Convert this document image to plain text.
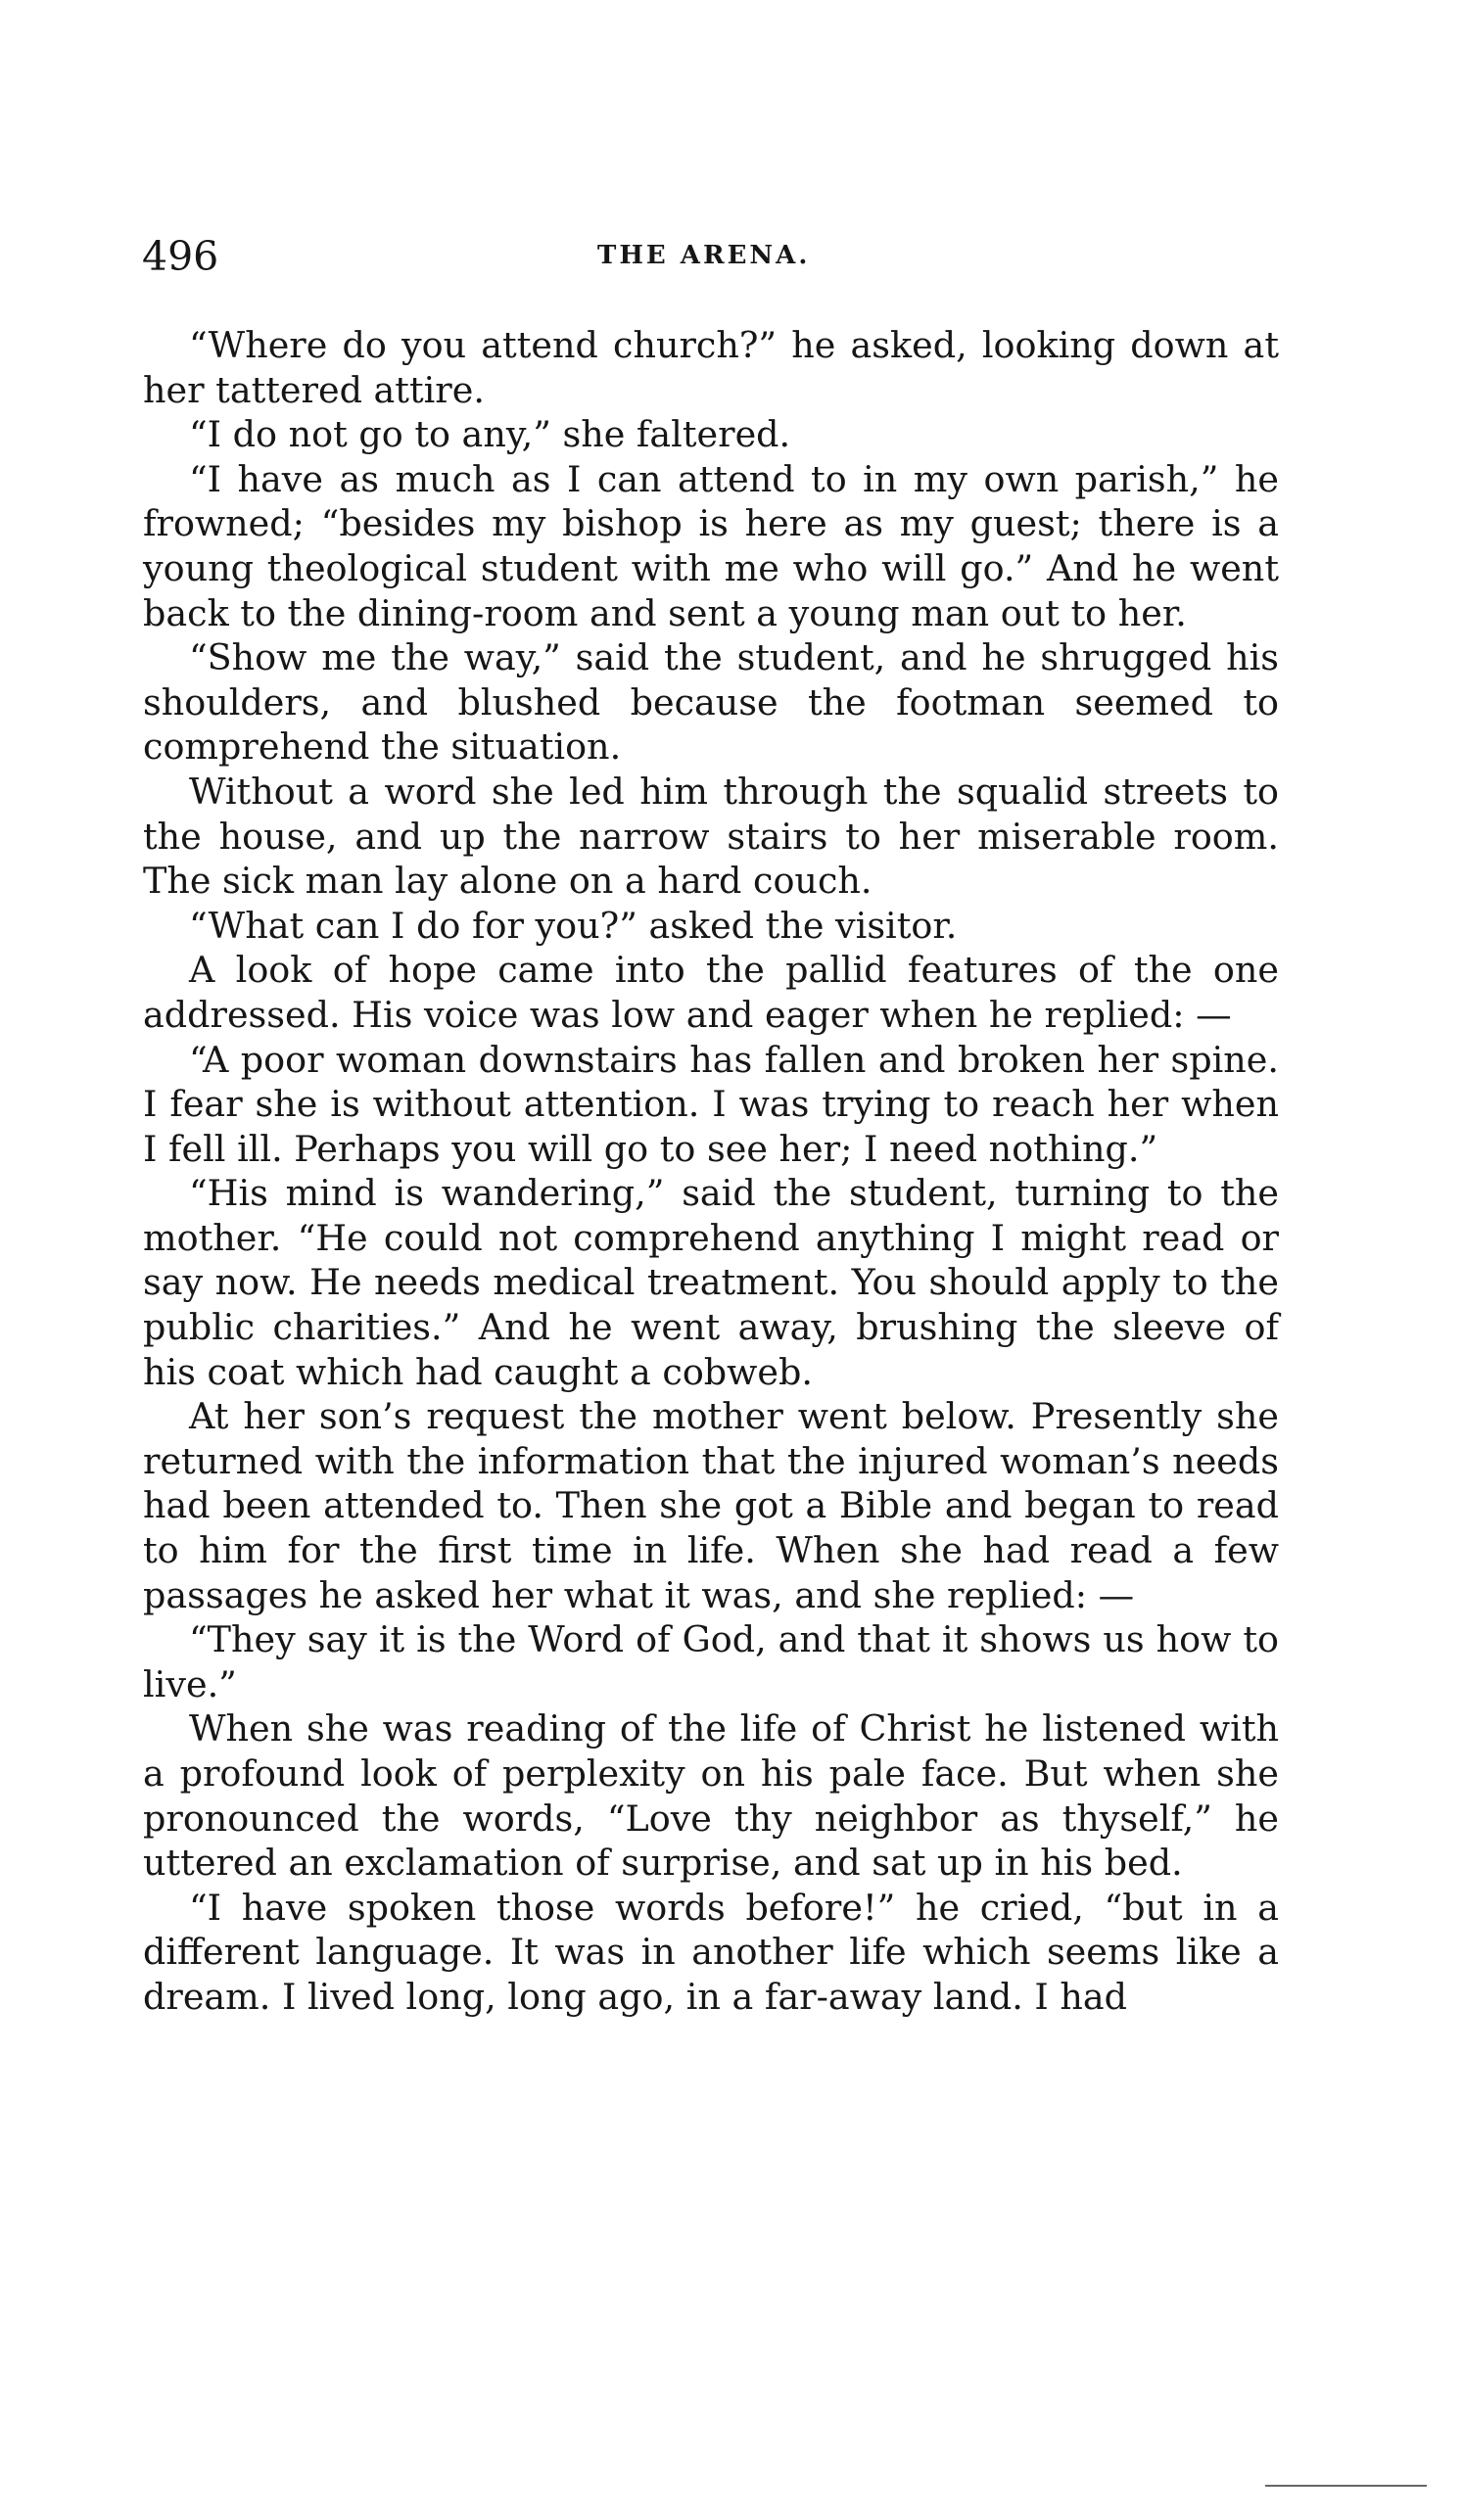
496	THE ARENA.

“Where do you attend church?” he asked, looking down at her tattered attire.

“I do not go to any,” she faltered.

“I have as much as I can attend to in my own parish,” he frowned; “besides my bishop is here as my guest; there is a young theological student with me who will go.” And he went back to the dining-room and sent a young man out to her.

“Show me the way,” said the student, and he shrugged his shoulders, and blushed because the footman seemed to comprehend the situation.

Without a word she led him through the squalid streets to the house, and up the narrow stairs to her miserable room. The sick man lay alone on a hard couch.

“What can I do for you?” asked the visitor.

A look of hope came into the pallid features of the one addressed. His voice was low and eager when he replied: —

“A poor woman downstairs has fallen and broken her spine. I fear she is without attention. I was trying to reach her when I fell ill. Perhaps you will go to see her; I need nothing.”

“His mind is wandering,” said the student, turning to the mother. “He could not comprehend anything I might read or say now. He needs medical treatment. You should apply to the public charities.” And he went away, brushing the sleeve of his coat which had caught a cobweb.

At her son’s request the mother went below. Presently she returned with the information that the injured woman’s needs had been attended to. Then she got a Bible and began to read to him for the first time in life. When she had read a few passages he asked her what it was, and she replied: —

“They say it is the Word of God, and that it shows us how to live.”

When she was reading of the life of Christ he listened with a profound look of perplexity on his pale face. But when she pronounced the words, “Love thy neighbor as thyself,” he uttered an exclamation of surprise, and sat up in his bed.

“I have spoken those words before!” he cried, “but in a different language. It was in another life which seems like a dream. I lived long, long ago, in a far-away land. I had
